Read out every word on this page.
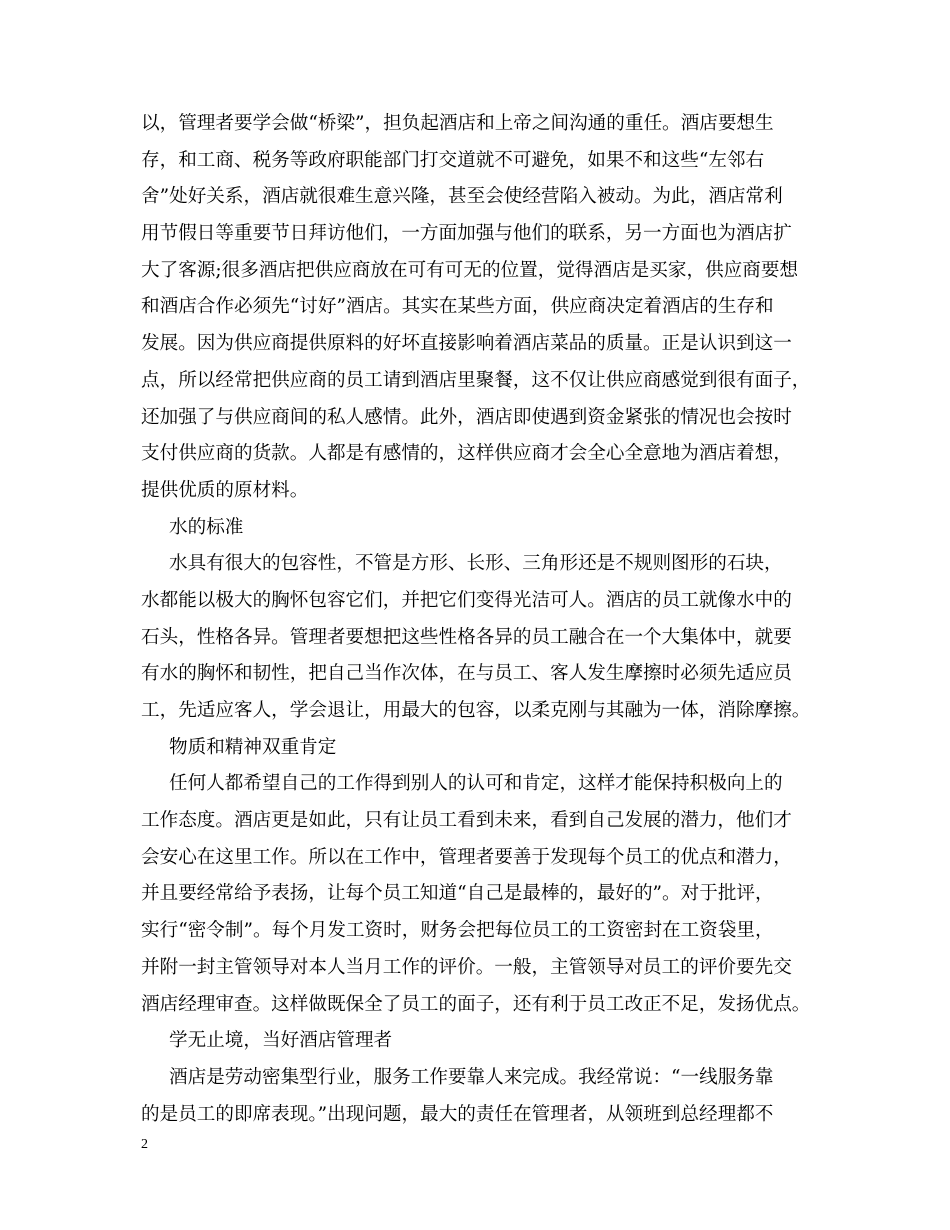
以，管理者要学会做“桥梁”，担负起酒店和上帝之间沟通的重任。酒店要想生
存，和工商、税务等政府职能部门打交道就不可避免，如果不和这些“左邻右
舍”处好关系，酒店就很难生意兴隆，甚至会使经营陷入被动。为此，酒店常利
用节假日等重要节日拜访他们，一方面加强与他们的联系，另一方面也为酒店扩
大了客源;很多酒店把供应商放在可有可无的位置，觉得酒店是买家，供应商要想
和酒店合作必须先“讨好”酒店。其实在某些方面，供应商决定着酒店的生存和
发展。因为供应商提供原料的好坏直接影响着酒店菜品的质量。正是认识到这一
点，所以经常把供应商的员工请到酒店里聚餐，这不仅让供应商感觉到很有面子，
还加强了与供应商间的私人感情。此外，酒店即使遇到资金紧张的情况也会按时
支付供应商的货款。人都是有感情的，这样供应商才会全心全意地为酒店着想，
提供优质的原材料。
水的标准
水具有很大的包容性，不管是方形、长形、三角形还是不规则图形的石块，
水都能以极大的胸怀包容它们，并把它们变得光洁可人。酒店的员工就像水中的
石头，性格各异。管理者要想把这些性格各异的员工融合在一个大集体中，就要
有水的胸怀和韧性，把自己当作次体，在与员工、客人发生摩擦时必须先适应员
工，先适应客人，学会退让，用最大的包容，以柔克刚与其融为一体，消除摩擦。
物质和精神双重肯定
任何人都希望自己的工作得到别人的认可和肯定，这样才能保持积极向上的
工作态度。酒店更是如此，只有让员工看到未来，看到自己发展的潜力，他们才
会安心在这里工作。所以在工作中，管理者要善于发现每个员工的优点和潜力，
并且要经常给予表扬，让每个员工知道“自己是最棒的，最好的”。对于批评，
实行“密令制”。每个月发工资时，财务会把每位员工的工资密封在工资袋里，
并附一封主管领导对本人当月工作的评价。一般，主管领导对员工的评价要先交
酒店经理审查。这样做既保全了员工的面子，还有利于员工改正不足，发扬优点。
学无止境，当好酒店管理者
酒店是劳动密集型行业，服务工作要靠人来完成。我经常说：“一线服务靠
的是员工的即席表现。”出现问题，最大的责任在管理者，从领班到总经理都不
2
